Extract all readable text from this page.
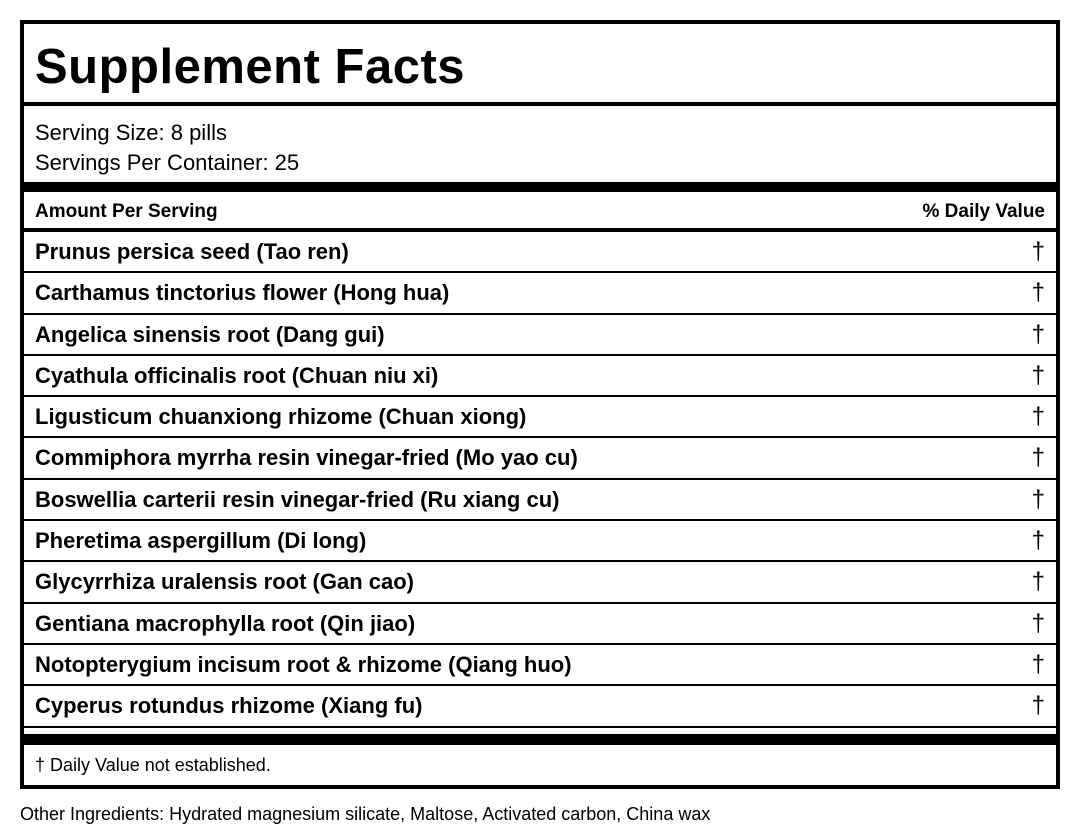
Supplement Facts
Serving Size: 8 pills
Servings Per Container: 25
Amount Per Serving	% Daily Value
Prunus persica seed (Tao ren)	†
Carthamus tinctorius flower (Hong hua)	†
Angelica sinensis root (Dang gui)	†
Cyathula officinalis root (Chuan niu xi)	†
Ligusticum chuanxiong rhizome (Chuan xiong)	†
Commiphora myrrha resin vinegar-fried (Mo yao cu)	†
Boswellia carterii resin vinegar-fried (Ru xiang cu)	†
Pheretima aspergillum (Di long)	†
Glycyrrhiza uralensis root (Gan cao)	†
Gentiana macrophylla root (Qin jiao)	†
Notopterygium incisum root & rhizome (Qiang huo)	†
Cyperus rotundus rhizome (Xiang fu)	†
† Daily Value not established.
Other Ingredients: Hydrated magnesium silicate, Maltose, Activated carbon, China wax
